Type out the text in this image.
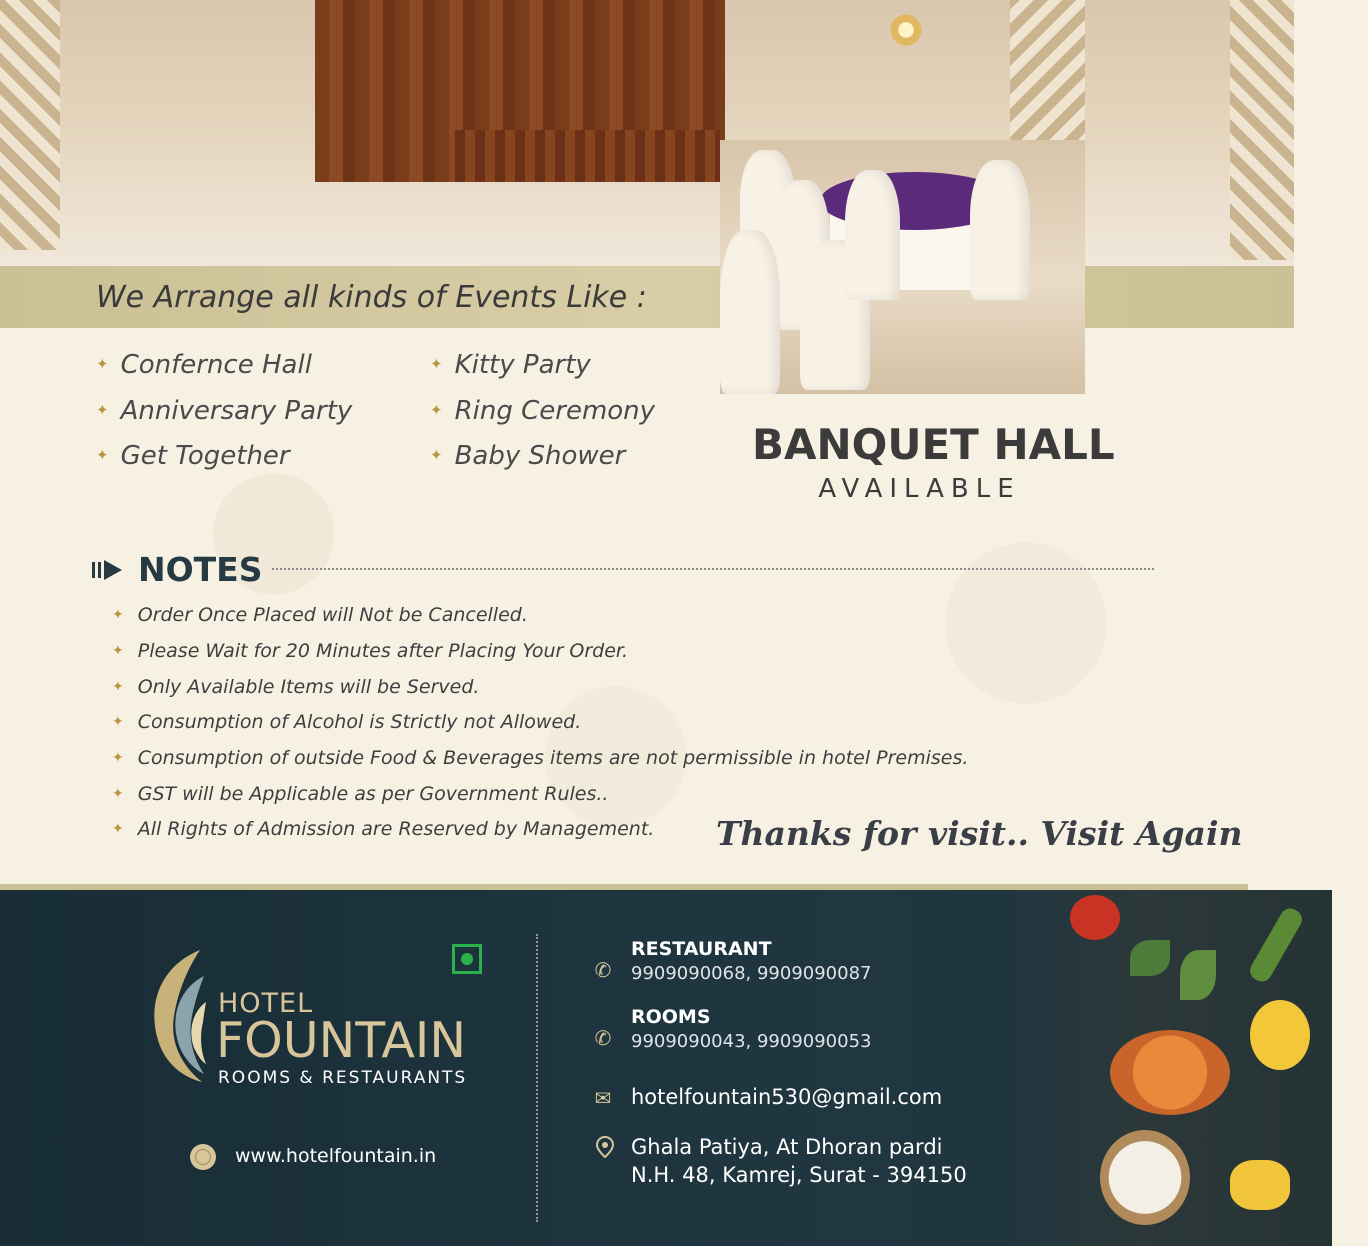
We Arrange all kinds of Events Like :
✦ Confernce Hall
✦ Anniversary Party
✦ Get Together
✦ Kitty Party
✦ Ring Ceremony
✦ Baby Shower	BANQUET HALL
AVAILABLE
NOTES
✦ Order Once Placed will Not be Cancelled.
✦ Please Wait for 20 Minutes after Placing Your Order.
✦ Only Available Items will be Served.
✦ Consumption of Alcohol is Strictly not Allowed.
✦ Consumption of outside Food & Beverages items are not permissible in hotel Premises.
✦ GST will be Applicable as per Government Rules..
✦ All Rights of Admission are Reserved by Management. Thanks for visit.. Visit Again
HOTEL
FOUNTAIN
ROOMS & RESTAURANTS
www.hotelfountain.in
✆
RESTAURANT
9909090068, 9909090087
✆
ROOMS
9909090043, 9909090053
✉ hotelfountain530@gmail.com
Ghala Patiya, At Dhoran pardi
N.H. 48, Kamrej, Surat - 394150
